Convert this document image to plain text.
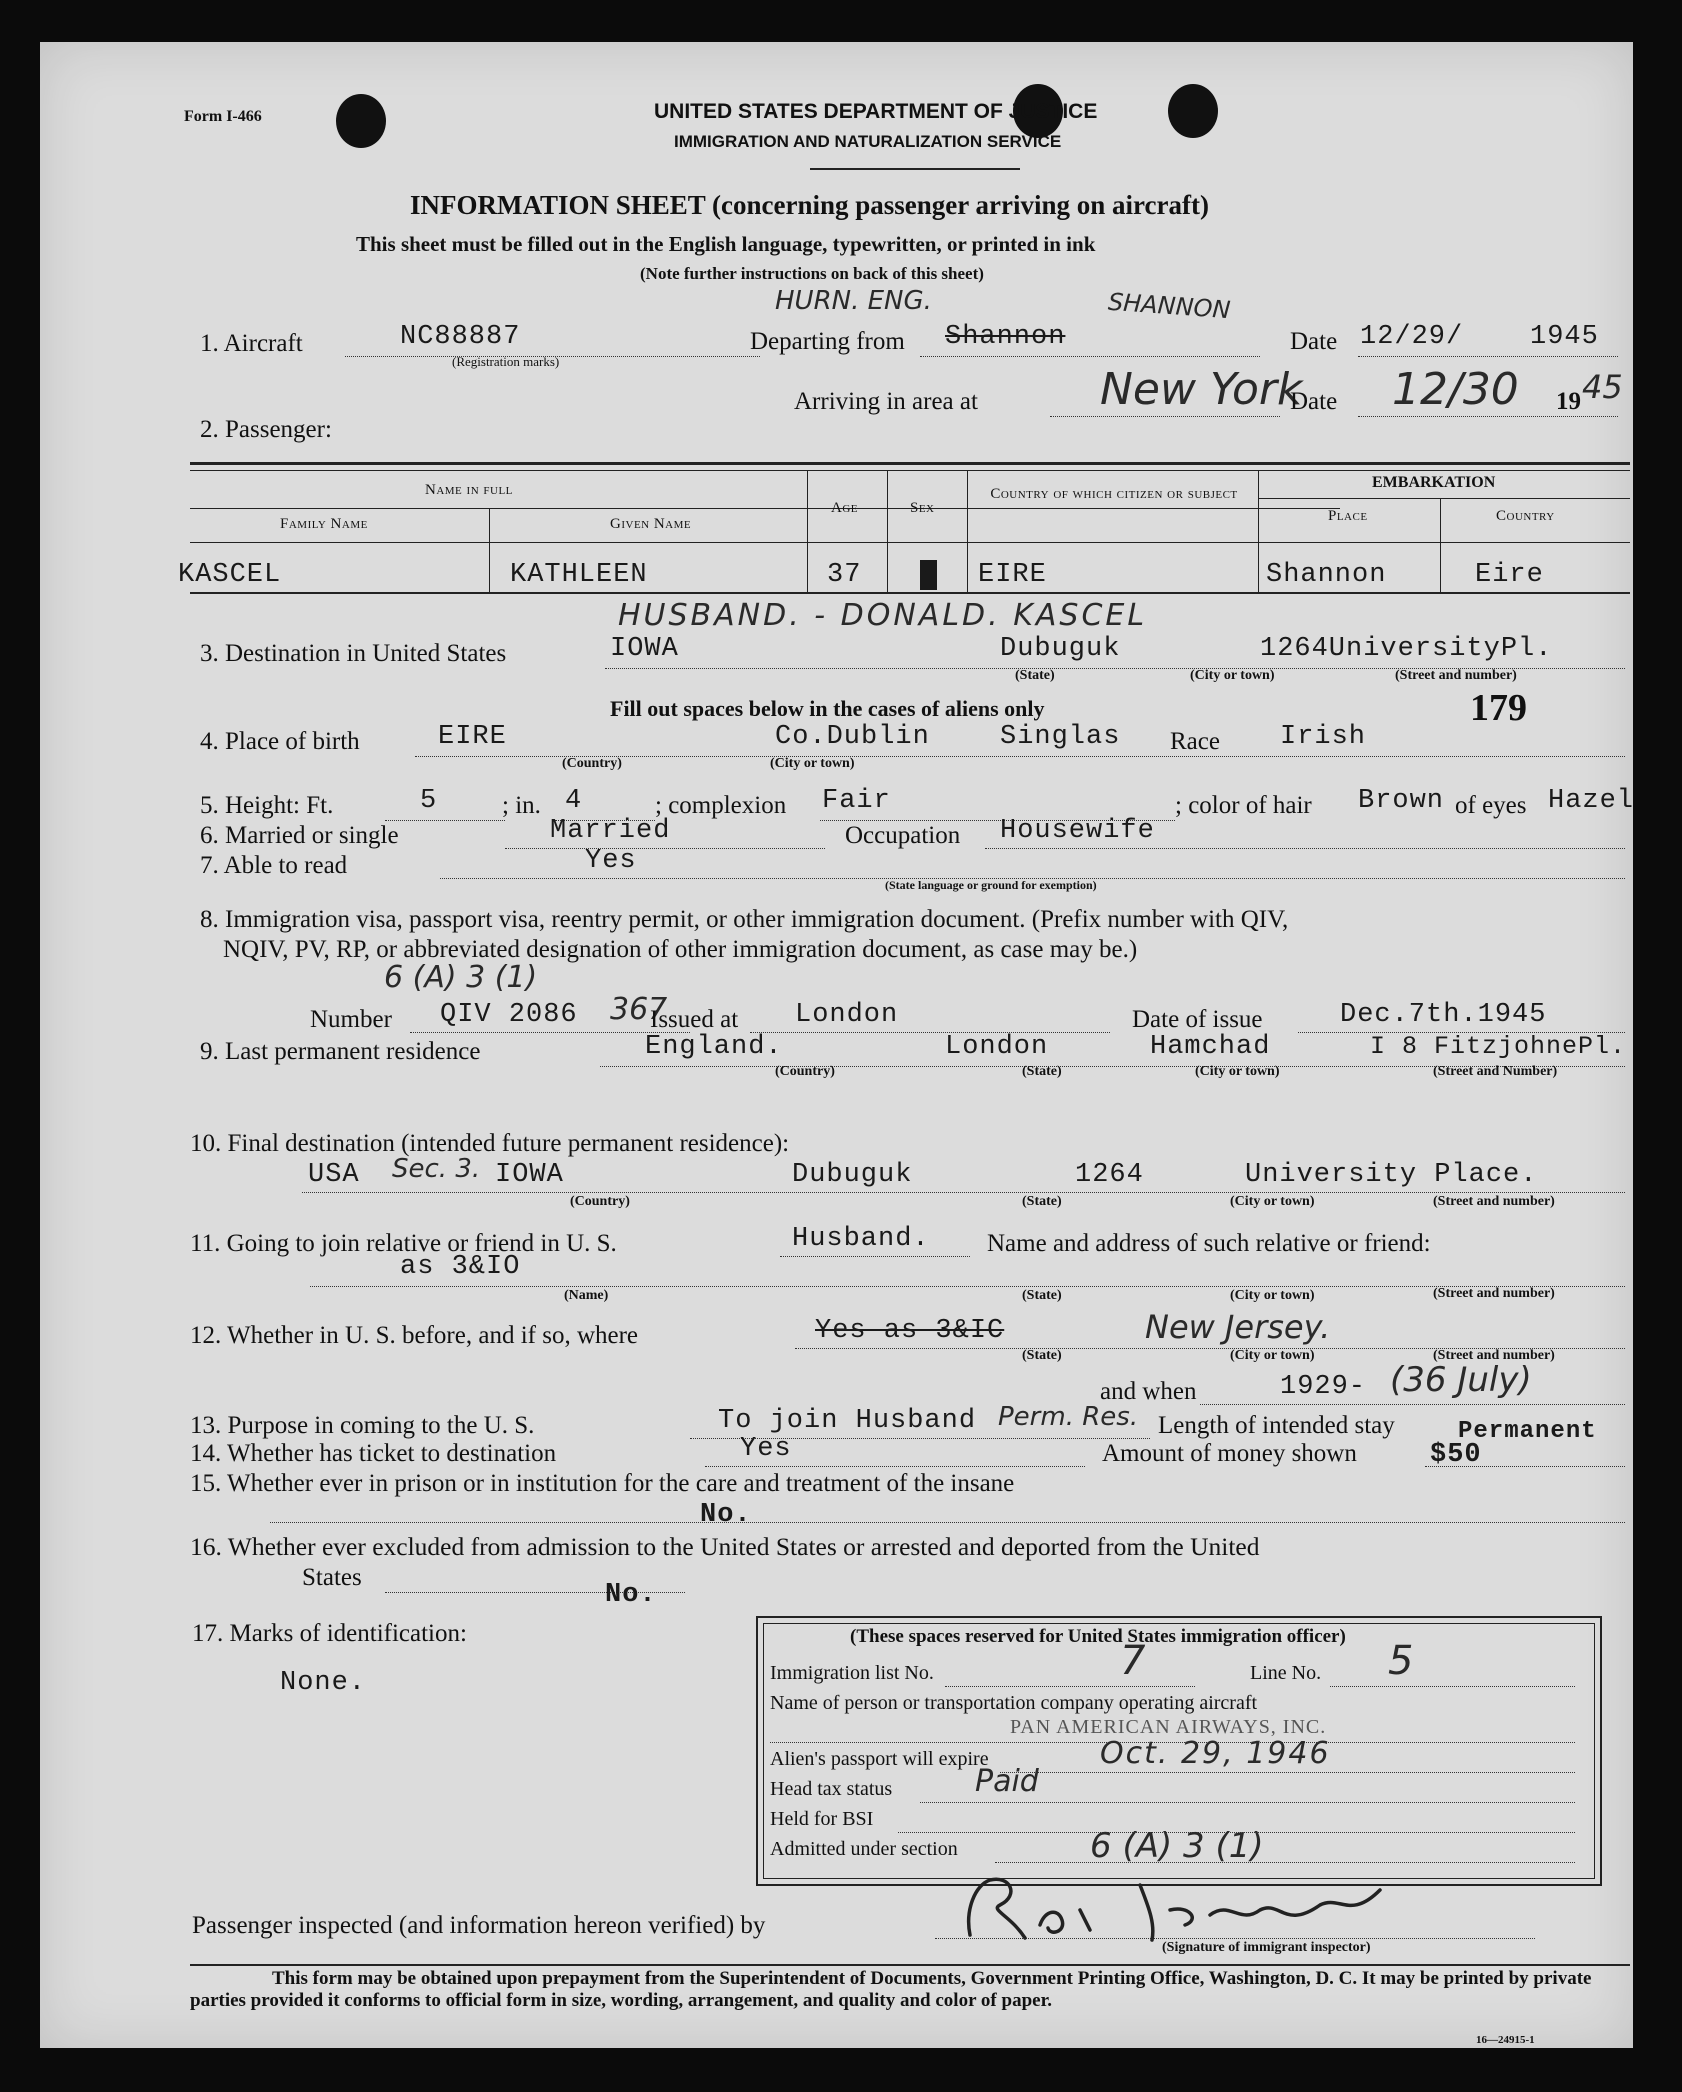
Form I-466	UNITED STATES DEPARTMENT OF JUSTICE
IMMIGRATION AND NATURALIZATION SERVICE
INFORMATION SHEET (concerning passenger arriving on aircraft)
This sheet must be filled out in the English language, typewritten, or printed in ink
(Note further instructions on back of this sheet)
1. Aircraft	NC88887
(Registration marks)
HURN. ENG.	SHANNON
Departing from Shannon	Date 12/29/ 1945
Arriving in area at	New York
Date 12/30 19 45
2. Passenger:
Name in full
Family Name	Given Name
Age	Sex
Country of which citizen or subject
EMBARKATION
Place	Country
KASCEL	KATHLEEN	37 F EIRE	Shannon	Eire
HUSBAND. - DONALD. KASCEL
3. Destination in United States	IOWA	Dubuguk	1264UniversityPl.
(State)	(City or town)	(Street and number)
Fill out spaces below in the cases of aliens only	179
4. Place of birth	EIRE	Co.Dublin	Singlas Race Irish
(Country)	(City or town)
5. Height: Ft.	5	; in. 4	; complexion Fair	; color of hair Brown of eyes Hazel
6. Married or single	Married	Occupation Housewife
7. Able to read	Yes
(State language or ground for exemption)
8. Immigration visa, passport visa, reentry permit, or other immigration document. (Prefix number with QIV,
NQIV, PV, RP, or abbreviated designation of other immigration document, as case may be.)
6 (A) 3 (1)
Number QIV 2086 367
Issued at London	Date of issue	Dec.7th.1945
9. Last permanent residence	England.	London	Hamchad	I 8 FitzjohnePl.
(Country)	(State)	(City or town)	(Street and Number)
10. Final destination (intended future permanent residence):
USA Sec. 3. IOWA	Dubuguk	1264	University Place.
(Country)	(State)	(City or town)	(Street and number)
11. Going to join relative or friend in U. S.	Husband. Name and address of such relative or friend:
as 3&IO
(Name)	(State)	(City or town)	(Street and number)
12. Whether in U. S. before, and if so, where	Yes as 3&IC	New Jersey.
(State)	(City or town)	(Street and number)
and when	1929- (36 July)
13. Purpose in coming to the U. S.	To join Husband Perm. Res. Length of intended stay	Permanent
14. Whether has ticket to destination	Yes	Amount of money shown	$50
15. Whether ever in prison or in institution for the care and treatment of the insane
No.
16. Whether ever excluded from admission to the United States or arrested and deported from the United
States
No.
17. Marks of identification:
None.
(These spaces reserved for United States immigration officer)
Immigration list No.	7	Line No. 5
Name of person or transportation company operating aircraft
PAN AMERICAN AIRWAYS, INC.
Alien's passport will expire	Oct. 29, 1946
Head tax status	Paid
Held for BSI
Admitted under section	6 (A) 3 (1)
Passenger inspected (and information hereon verified) by
(Signature of immigrant inspector)
This form may be obtained upon prepayment from the Superintendent of Documents, Government Printing Office, Washington, D. C. It may be printed by private parties provided it conforms to official form in size, wording, arrangement, and quality and color of paper.
16—24915-1
